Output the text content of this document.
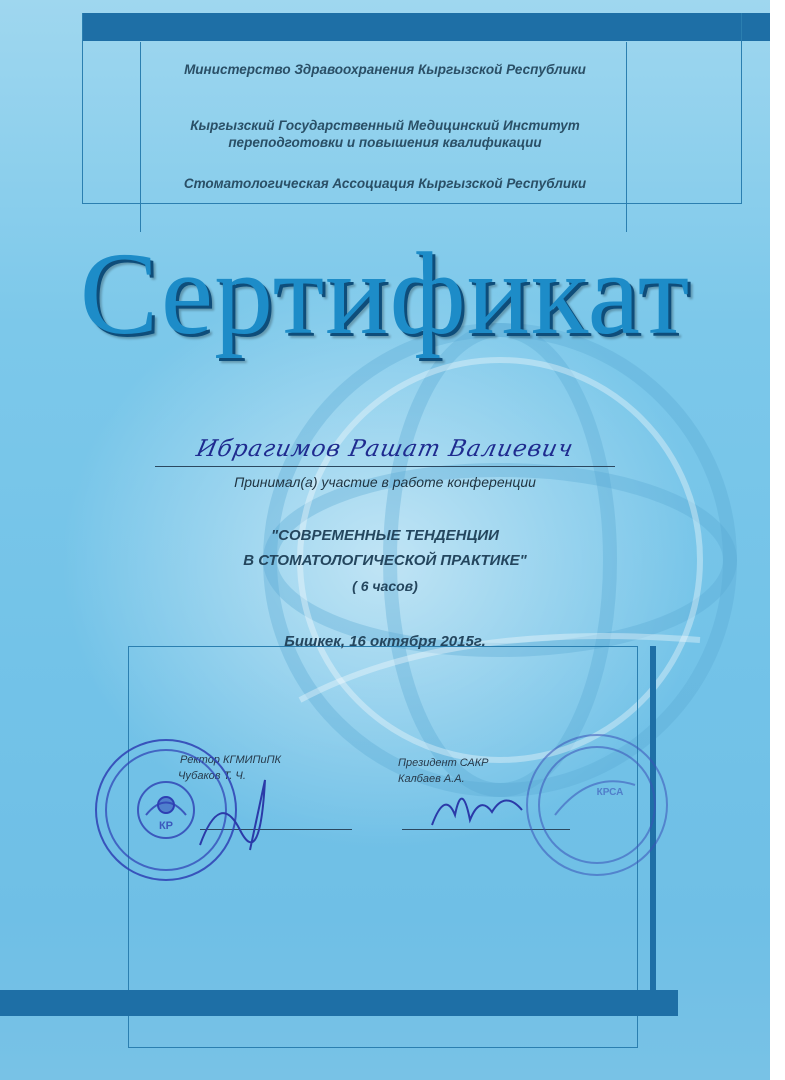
Министерство Здравоохранения Кыргызской Республики
Кыргызский Государственный Медицинский Институт
переподготовки и повышения квалификации
Стоматологическая Ассоциация Кыргызской Республики
Сертификат
Ибрагимов Рашат Валиевич
Принимал(а) участие в работе конференции
"СОВРЕМЕННЫЕ ТЕНДЕНЦИИ
В СТОМАТОЛОГИЧЕСКОЙ ПРАКТИКЕ"
( 6 часов)
Бишкек, 16 октября 2015г.
Ректор КГМИПиПК
Чубаков Т. Ч.
Президент САКР
Калбаев А.А.
КР
КРСА
